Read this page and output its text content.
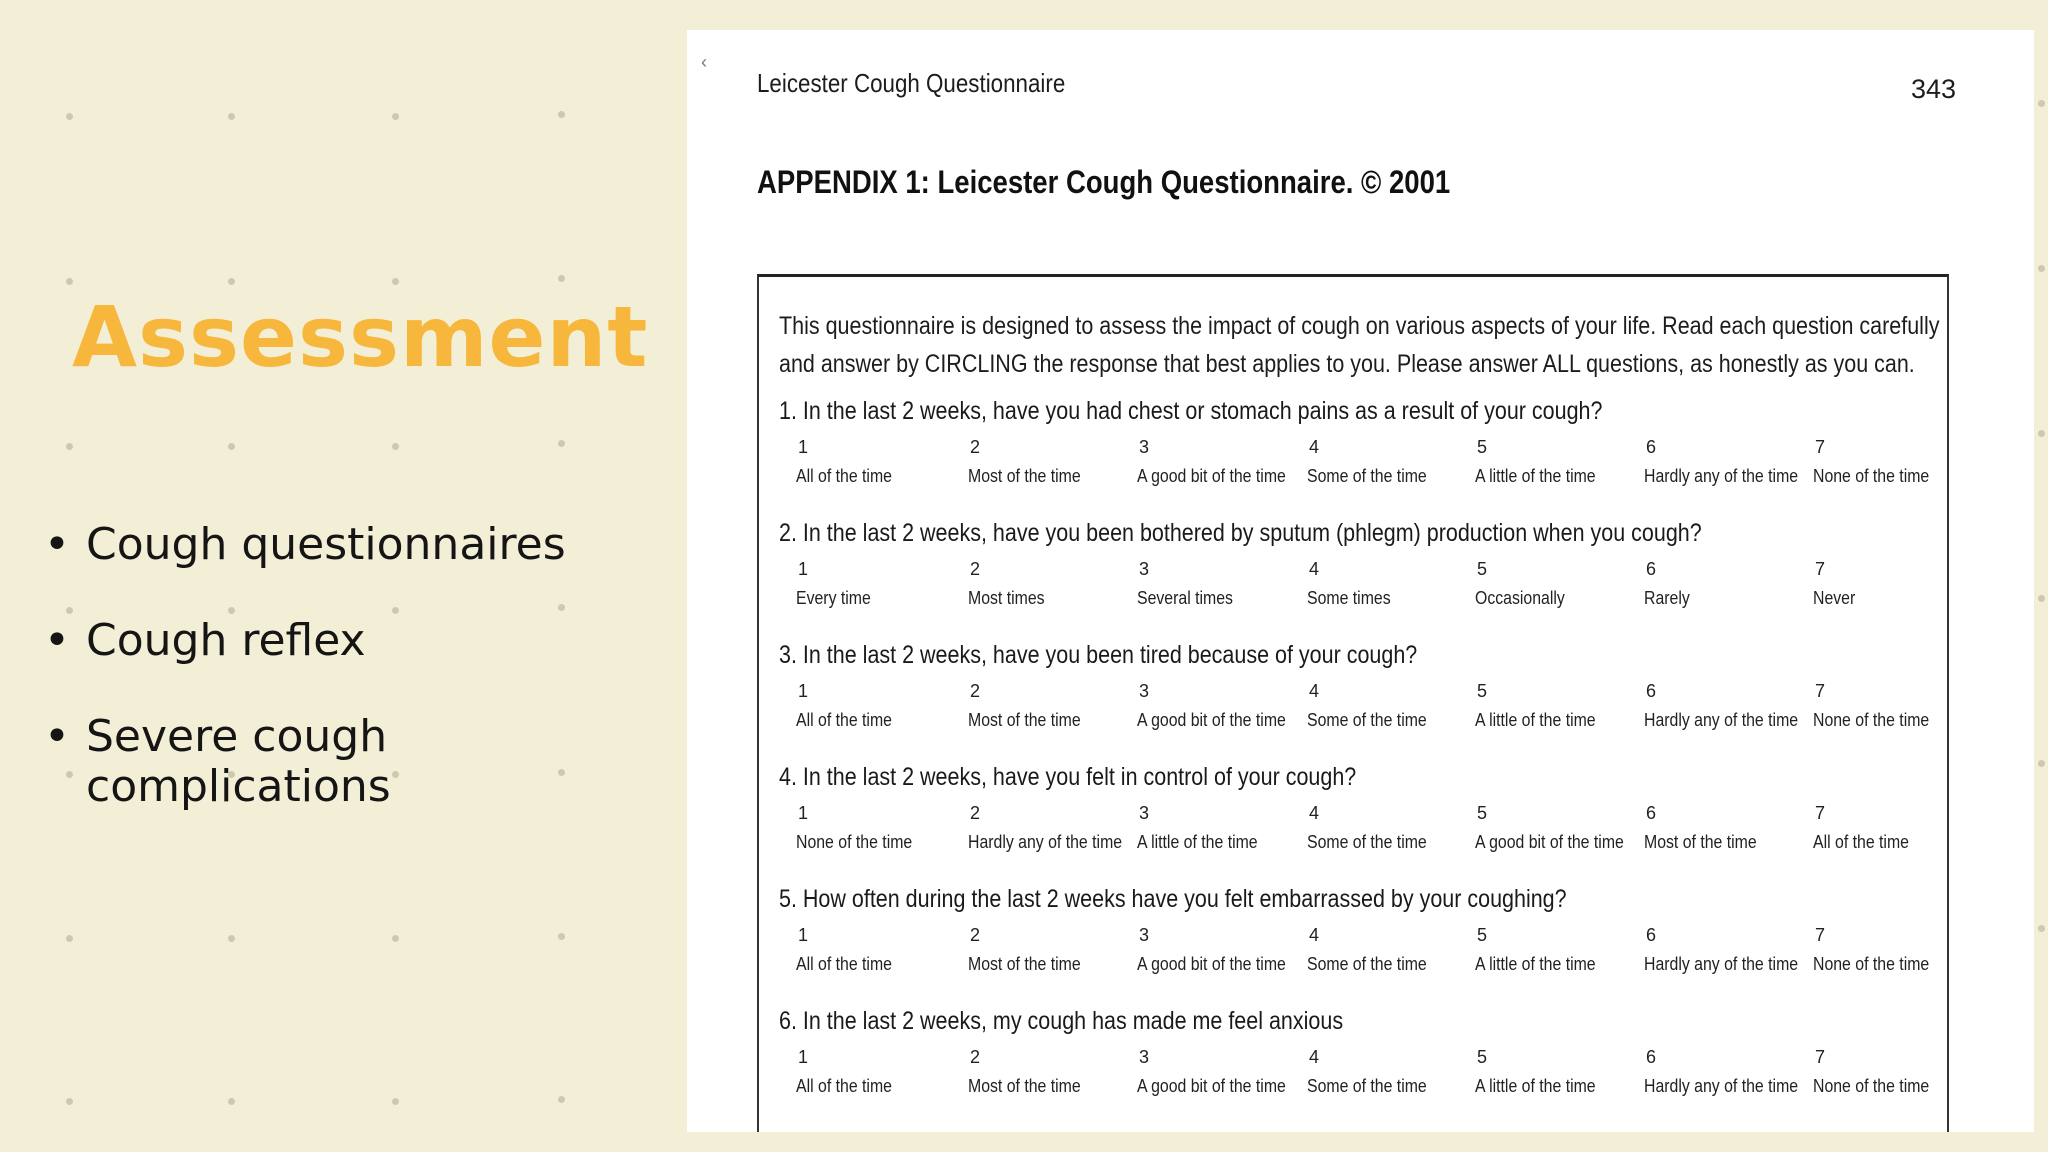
Assessment
• Cough questionnaires
• Cough reflex
• Severe cough complications
‹
Leicester Cough Questionnaire	343
APPENDIX 1: Leicester Cough Questionnaire. © 2001
This questionnaire is designed to assess the impact of cough on various aspects of your life. Read each question carefully
and answer by CIRCLING the response that best applies to you. Please answer ALL questions, as honestly as you can.
1. In the last 2 weeks, have you had chest or stomach pains as a result of your cough?
1
All of the time
2
Most of the time
3
A good bit of the time
4
Some of the time
5
A little of the time
6
Hardly any of the time
7
None of the time
2. In the last 2 weeks, have you been bothered by sputum (phlegm) production when you cough?
1
Every time
2
Most times
3
Several times
4
Some times
5
Occasionally
6
Rarely
7
Never
3. In the last 2 weeks, have you been tired because of your cough?
1
All of the time
2
Most of the time
3
A good bit of the time
4
Some of the time
5
A little of the time
6
Hardly any of the time
7
None of the time
4. In the last 2 weeks, have you felt in control of your cough?
1
None of the time
2
Hardly any of the time
3
A little of the time
4
Some of the time
5
A good bit of the time
6
Most of the time
7
All of the time
5. How often during the last 2 weeks have you felt embarrassed by your coughing?
1
All of the time
2
Most of the time
3
A good bit of the time
4
Some of the time
5
A little of the time
6
Hardly any of the time
7
None of the time
6. In the last 2 weeks, my cough has made me feel anxious
1
All of the time
2
Most of the time
3
A good bit of the time
4
Some of the time
5
A little of the time
6
Hardly any of the time
7
None of the time
